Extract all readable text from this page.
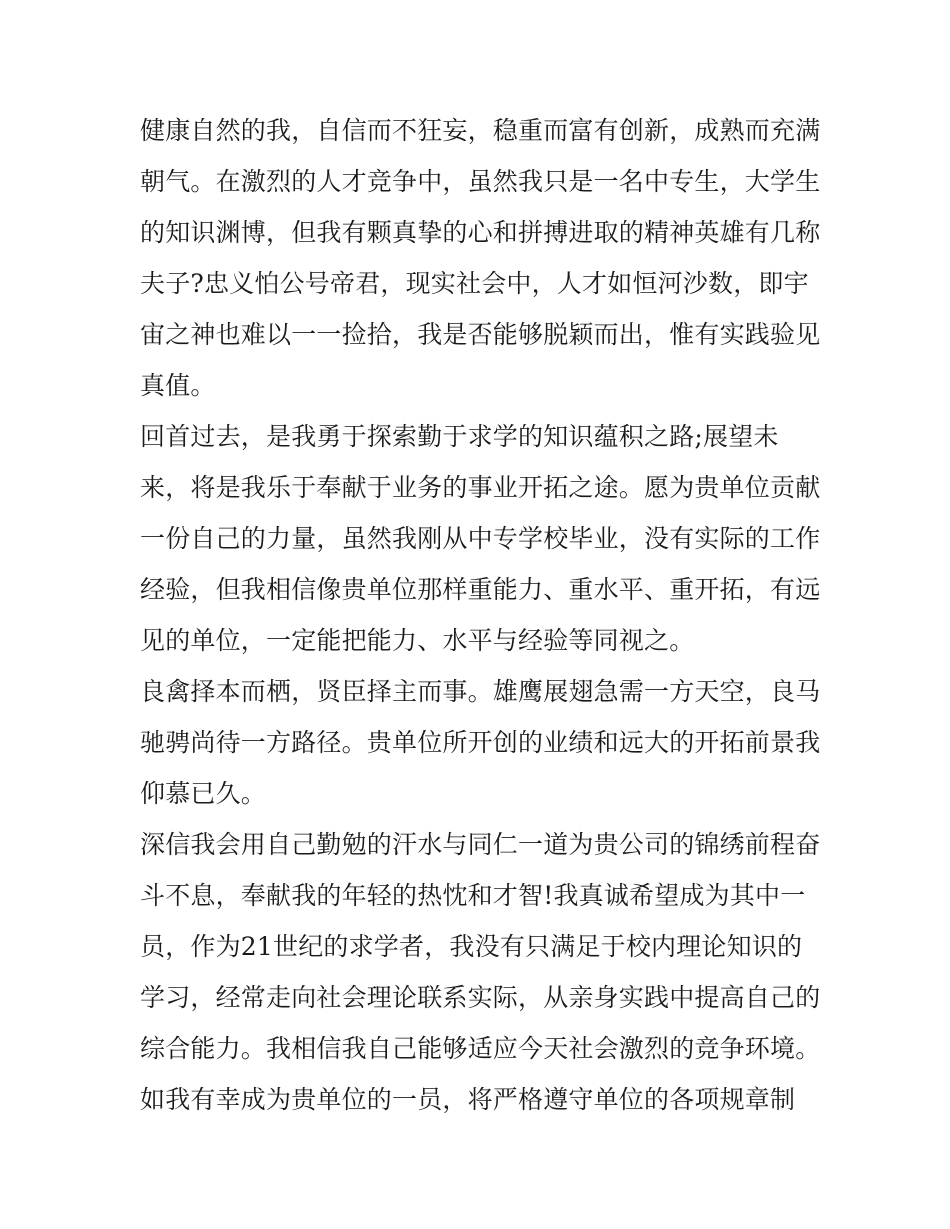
健康自然的我，自信而不狂妄，稳重而富有创新，成熟而充满
朝气。在激烈的人才竞争中，虽然我只是一名中专生，大学生
的知识渊博，但我有颗真挚的心和拼搏进取的精神英雄有几称
夫子?忠义怕公号帝君，现实社会中，人才如恒河沙数，即宇
宙之神也难以一一捡拾，我是否能够脱颖而出，惟有实践验见
真值。
回首过去，是我勇于探索勤于求学的知识蕴积之路;展望未
来，将是我乐于奉献于业务的事业开拓之途。愿为贵单位贡献
一份自己的力量，虽然我刚从中专学校毕业，没有实际的工作
经验，但我相信像贵单位那样重能力、重水平、重开拓，有远
见的单位，一定能把能力、水平与经验等同视之。
良禽择本而栖，贤臣择主而事。雄鹰展翅急需一方天空，良马
驰骋尚待一方路径。贵单位所开创的业绩和远大的开拓前景我
仰慕已久。
深信我会用自己勤勉的汗水与同仁一道为贵公司的锦绣前程奋
斗不息，奉献我的年轻的热忱和才智!我真诚希望成为其中一
员，作为21世纪的求学者，我没有只满足于校内理论知识的
学习，经常走向社会理论联系实际，从亲身实践中提高自己的
综合能力。我相信我自己能够适应今天社会激烈的竞争环境。
如我有幸成为贵单位的一员，将严格遵守单位的各项规章制
